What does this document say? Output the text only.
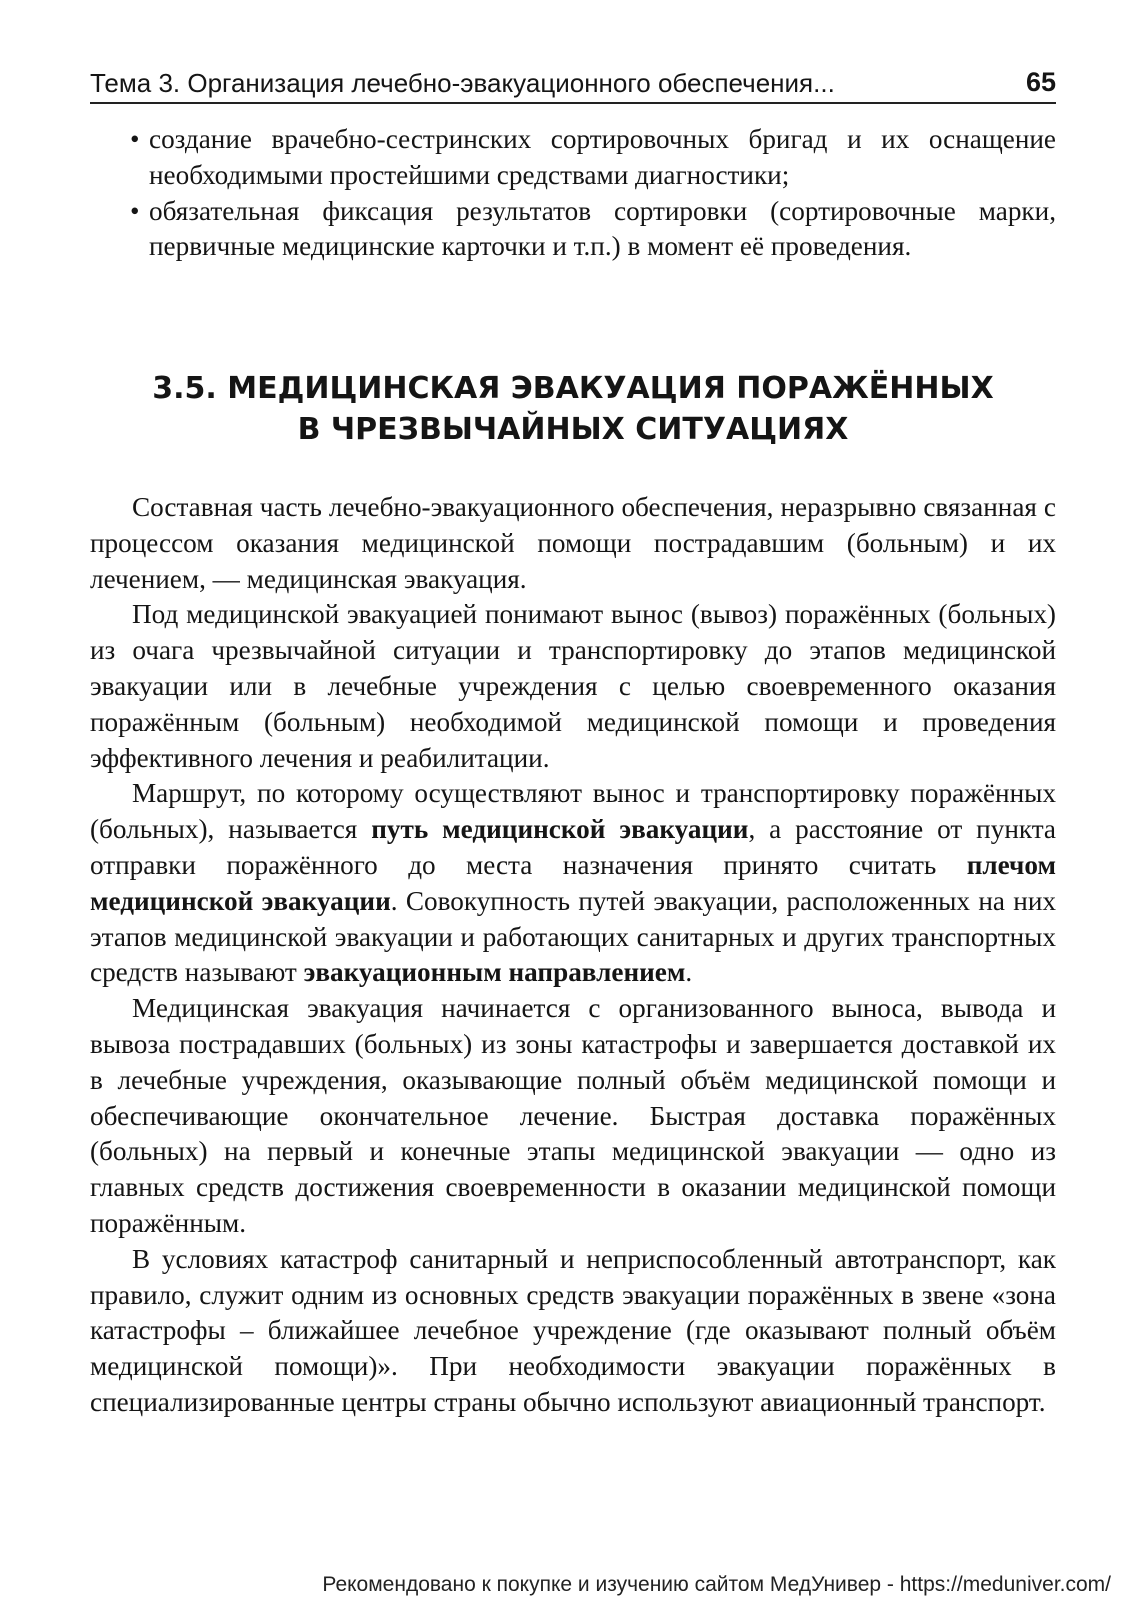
Тема 3. Организация лечебно-эвакуационного обеспечения...	65
• создание врачебно-сестринских сортировочных бригад и их оснащение необходимыми простейшими средствами диагностики;
• обязательная фиксация результатов сортировки (сортировочные марки, первичные медицинские карточки и т.п.) в момент её проведения.
3.5. МЕДИЦИНСКАЯ ЭВАКУАЦИЯ ПОРАЖЁННЫХ
В ЧРЕЗВЫЧАЙНЫХ СИТУАЦИЯХ

Составная часть лечебно-эвакуационного обеспечения, неразрывно связанная с процессом оказания медицинской помощи пострадавшим (больным) и их лечением, — медицинская эвакуация.

Под медицинской эвакуацией понимают вынос (вывоз) поражённых (больных) из очага чрезвычайной ситуации и транспортировку до этапов медицинской эвакуации или в лечебные учреждения с целью своевременного оказания поражённым (больным) необходимой медицинской помощи и проведения эффективного лечения и реабилитации.

Маршрут, по которому осуществляют вынос и транспортировку поражённых (больных), называется путь медицинской эвакуации, а расстояние от пункта отправки поражённого до места назначения принято считать плечом медицинской эвакуации. Совокупность путей эвакуации, расположенных на них этапов медицинской эвакуации и работающих санитарных и других транспортных средств называют эвакуационным направлением.

Медицинская эвакуация начинается с организованного выноса, вывода и вывоза пострадавших (больных) из зоны катастрофы и завершается доставкой их в лечебные учреждения, оказывающие полный объём медицинской помощи и обеспечивающие окончательное лечение. Быстрая доставка поражённых (больных) на первый и конечные этапы медицинской эвакуации — одно из главных средств достижения своевременности в оказании медицинской помощи поражённым.

В условиях катастроф санитарный и неприспособленный автотранспорт, как правило, служит одним из основных средств эвакуации поражённых в звене «зона катастрофы – ближайшее лечебное учреждение (где оказывают полный объём медицинской помощи)». При необходимости эвакуации поражённых в специализированные центры страны обычно используют авиационный транспорт.

Рекомендовано к покупке и изучению сайтом МедУнивер - https://meduniver.com/
